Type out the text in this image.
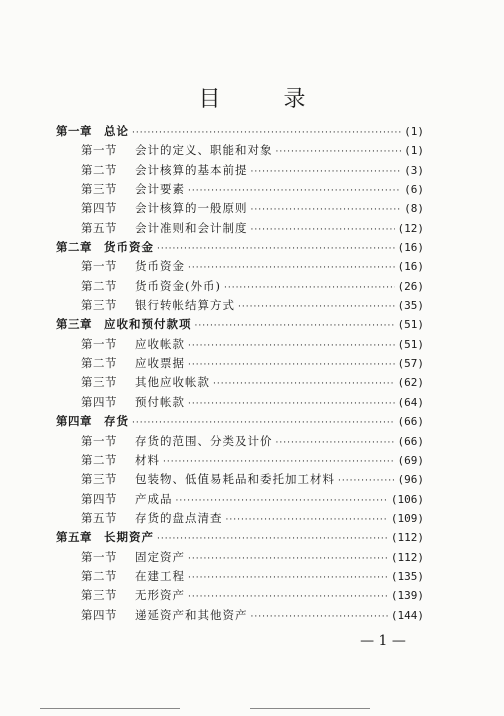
目 录
第一章	总论 ·····	(1)
第一节	会计的定义、职能和对象 ·····	(1)
第二节	会计核算的基本前提 ·····	(3)
第三节	会计要素 ·····	(6)
第四节	会计核算的一般原则 ·····	(8)
第五节	会计准则和会计制度 ·····	(12)
第二章	货币资金 ·····	(16)
第一节	货币资金 ·····	(16)
第二节	货币资金(外币) ·····	(26)
第三节	银行转帐结算方式 ·····	(35)
第三章	应收和预付款项 ·····	(51)
第一节	应收帐款 ·····	(51)
第二节	应收票据 ·····	(57)
第三节	其他应收帐款 ·····	(62)
第四节	预付帐款 ·····	(64)
第四章	存货 ·····	(66)
第一节	存货的范围、分类及计价 ·····	(66)
第二节	材料 ·····	(69)
第三节	包装物、低值易耗品和委托加工材料 ·····	(96)
第四节	产成品 ·····	(106)
第五节	存货的盘点清查 ·····	(109)
第五章	长期资产 ·····	(112)
第一节	固定资产 ·····	(112)
第二节	在建工程 ·····	(135)
第三节	无形资产 ·····	(139)
第四节	递延资产和其他资产 ·····	(144)
— 1 —
